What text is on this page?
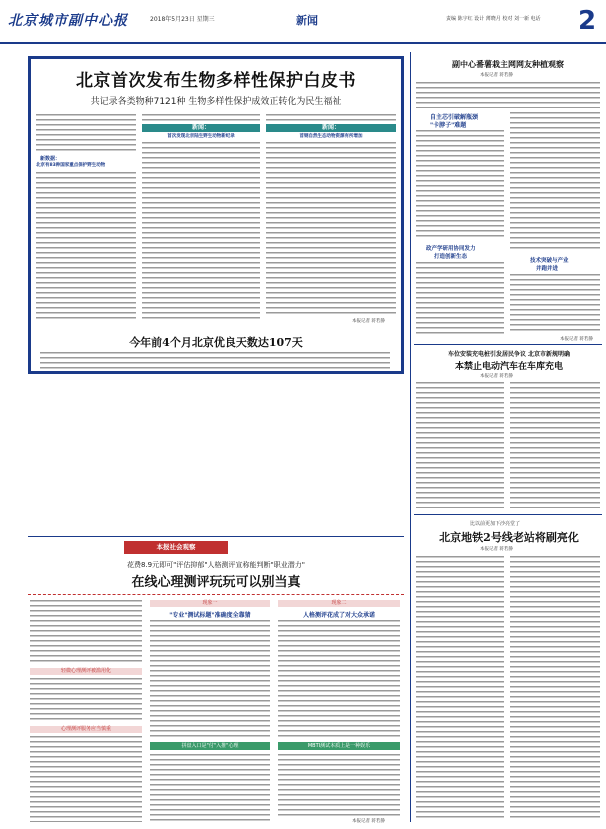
北京城市副中心报	2018年5月23日 星期三	新闻	责编 陈宇红 设计 薄晓月 校对 刘一新 电话 2
北京首次发布生物多样性保护白皮书
共记录各类物种7121种 生物多样性保护成效正转化为民生福祉
新数据：
北京有83种国家重点保护野生动物
新闻：
首次发现北京陆生野生动物新纪录
新闻：
首钢自然生态动物资源有所增加
本报记者 蒋若静
今年前4个月北京优良天数达107天
副中心番薯栽主网网友种植观察
本报记者 蒋若静
自主芯引破解瓶颈
"卡脖子"难题
政产学研用协同发力
打造创新生态
技术突破与产业
并跑并进
本报记者 蒋若静
车位安装充电桩引发居民争议 北京市新规明确
本禁止电动汽车在车库充电
本报记者 蒋若静
比以前更加下沙亮堂了
北京地铁2号线老站将刷亮化
本报记者 蒋若静
本报社会观察
花费8.9元即可"评估抑郁"人格测评宣称能判断"职业潜力"
在线心理测评玩玩可以别当真
轻微心理测评被滥用化
心理测评服务应当慎重
现象一
"专业"测试标题"准确度全靠猜
拼盘入口是"付"入推"心理
现象二
人格测评花成了对大众承诺
MBTI测试本质上是一种娱乐
本报记者 蒋若静
